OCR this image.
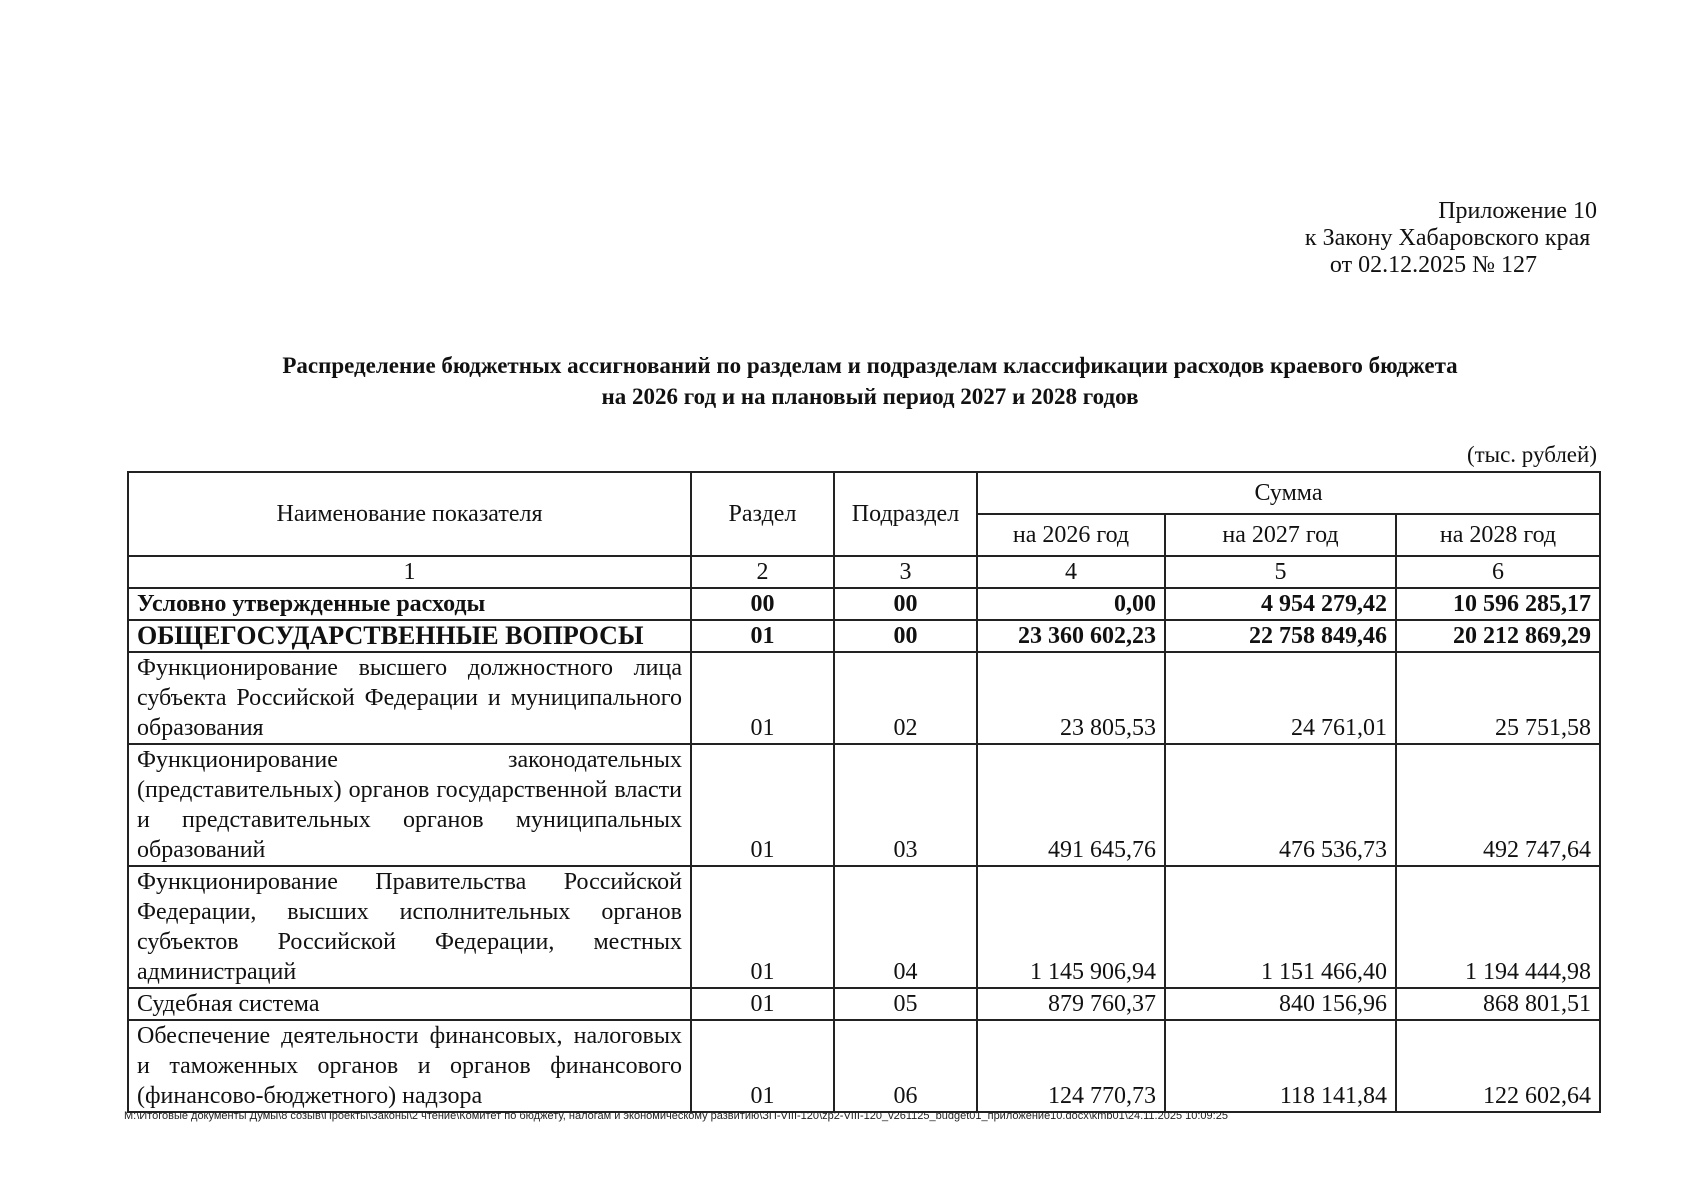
Приложение 10
к Закону Хабаровского края
от 02.12.2025 № 127
Распределение бюджетных ассигнований по разделам и подразделам классификации расходов краевого бюджета
на 2026 год и на плановый период 2027 и 2028 годов
(тыс. рублей)
Наименование показателя	Раздел	Подраздел	Сумма		
			на 2026 год	на 2027 год	на 2028 год
1	2	3	4	5	6
Условно утвержденные расходы	00	00	0,00	4 954 279,42	10 596 285,17
ОБЩЕГОСУДАРСТВЕННЫЕ ВОПРОСЫ	01	00	23 360 602,23	22 758 849,46	20 212 869,29
Функционирование высшего должностного лица субъекта Российской Федерации и муниципального образования	01	02	23 805,53	24 761,01	25 751,58
Функционирование законодательных (представительных) органов государственной власти и представительных органов муниципальных образований	01	03	491 645,76	476 536,73	492 747,64
Функционирование Правительства Российской Федерации, высших исполнительных органов субъектов Российской Федерации, местных администраций	01	04	1 145 906,94	1 151 466,40	1 194 444,98
Судебная система	01	05	879 760,37	840 156,96	868 801,51
Обеспечение деятельности финансовых, налоговых и таможенных органов и органов финансового (финансово-бюджетного) надзора	01	06	124 770,73	118 141,84	122 602,64
M:\Итоговые документы Думы\8 созыв\Проекты\Законы\2 чтение\Комитет по бюджету, налогам и экономическому развитию\ЗП-VIII-120\zp2-VIII-120_v261125_budget01_приложение10.docx\kmb01\24.11.2025 10:09:25
